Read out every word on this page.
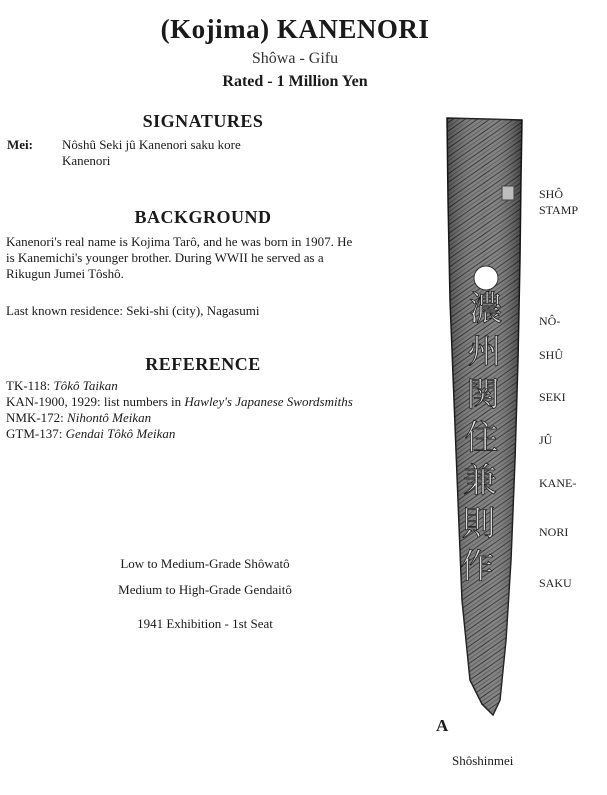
(Kojima) KANENORI
Shôwa - Gifu
Rated - 1 Million Yen
SIGNATURES
Mei: Nôshû Seki jû Kanenori saku kore
Kanenori
BACKGROUND
Kanenori's real name is Kojima Tarô, and he was born in 1907. He
is Kanemichi's younger brother. During WWII he served as a
Rikugun Jumei Tôshô.
Last known residence: Seki-shi (city), Nagasumi
REFERENCE
TK-118: Tôkô Taikan
KAN-1900, 1929: list numbers in Hawley's Japanese Swordsmiths
NMK-172: Nihontô Meikan
GTM-137: Gendai Tôkô Meikan
Low to Medium-Grade Shôwatô
Medium to High-Grade Gendaitô
1941 Exhibition - 1st Seat
濃
州
関
住
兼
則
作
SHÔ
STAMP
NÔ-
SHÛ
SEKI
JÛ
KANE-
NORI
SAKU
A
Shôshinmei
